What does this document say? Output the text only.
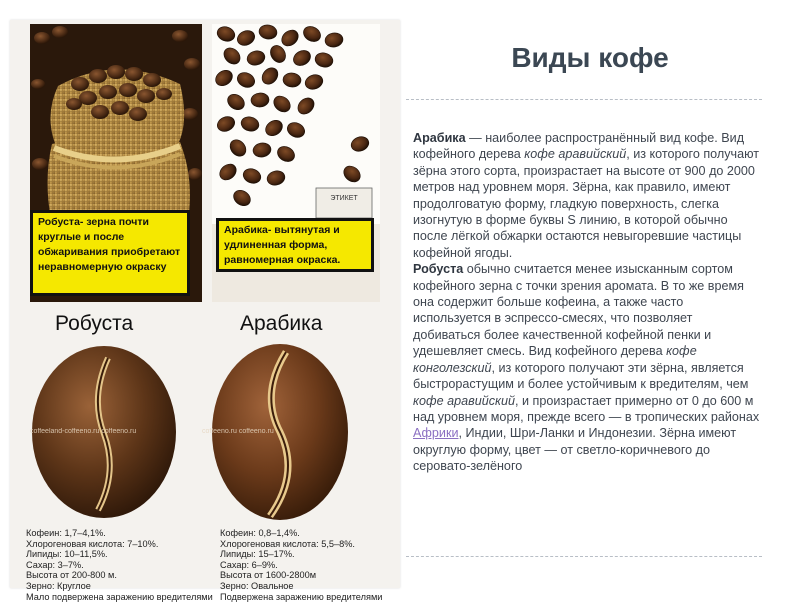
ЭТИКЕТ
Робуста- зерна почти круглые и после обжаривания приобретают неравномерную окраску
Арабика- вытянутая и удлиненная форма, равномерная окраска.
Робуста	Арабика
coffeeland-coffeeno.ru coffeeno.ru	coffeeno.ru coffeeno.ru
Кофеин: 1,7–4,1%.
Хлорогеновая кислота: 7–10%.
Липиды: 10–11,5%.
Сахар: 3–7%.
Высота от 200-800 м.
Зерно: Круглое
Мало подвержена заражению вредителями
Кофеин: 0,8–1,4%.
Хлорогеновая кислота: 5,5–8%.
Липиды: 15–17%.
Сахар: 6–9%.
Высота от 1600-2800м
Зерно: Овальное
Подвержена заражению вредителями
Виды кофе

Арабика — наиболее распространённый вид кофе. Вид кофейного дерева кофе аравийский, из которого получают зёрна этого сорта, произрастает на высоте от 900 до 2000 метров над уровнем моря. Зёрна, как правило, имеют продолговатую форму, гладкую поверхность, слегка изогнутую в форме буквы S линию, в которой обычно после лёгкой обжарки остаются невыгоревшие частицы кофейной ягоды.

Робуста обычно считается менее изысканным сортом кофейного зерна с точки зрения аромата. В то же время она содержит больше кофеина, а также часто используется в эспрессо-смесях, что позволяет добиваться более качественной кофейной пенки и удешевляет смесь. Вид кофейного дерева кофе конголезский, из которого получают эти зёрна, является быстрорастущим и более устойчивым к вредителям, чем кофе аравийский, и произрастает примерно от 0 до 600 м над уровнем моря, прежде всего — в тропических районах Африки, Индии, Шри-Ланки и Индонезии. Зёрна имеют округлую форму, цвет — от светло-коричневого до серовато-зелёного
